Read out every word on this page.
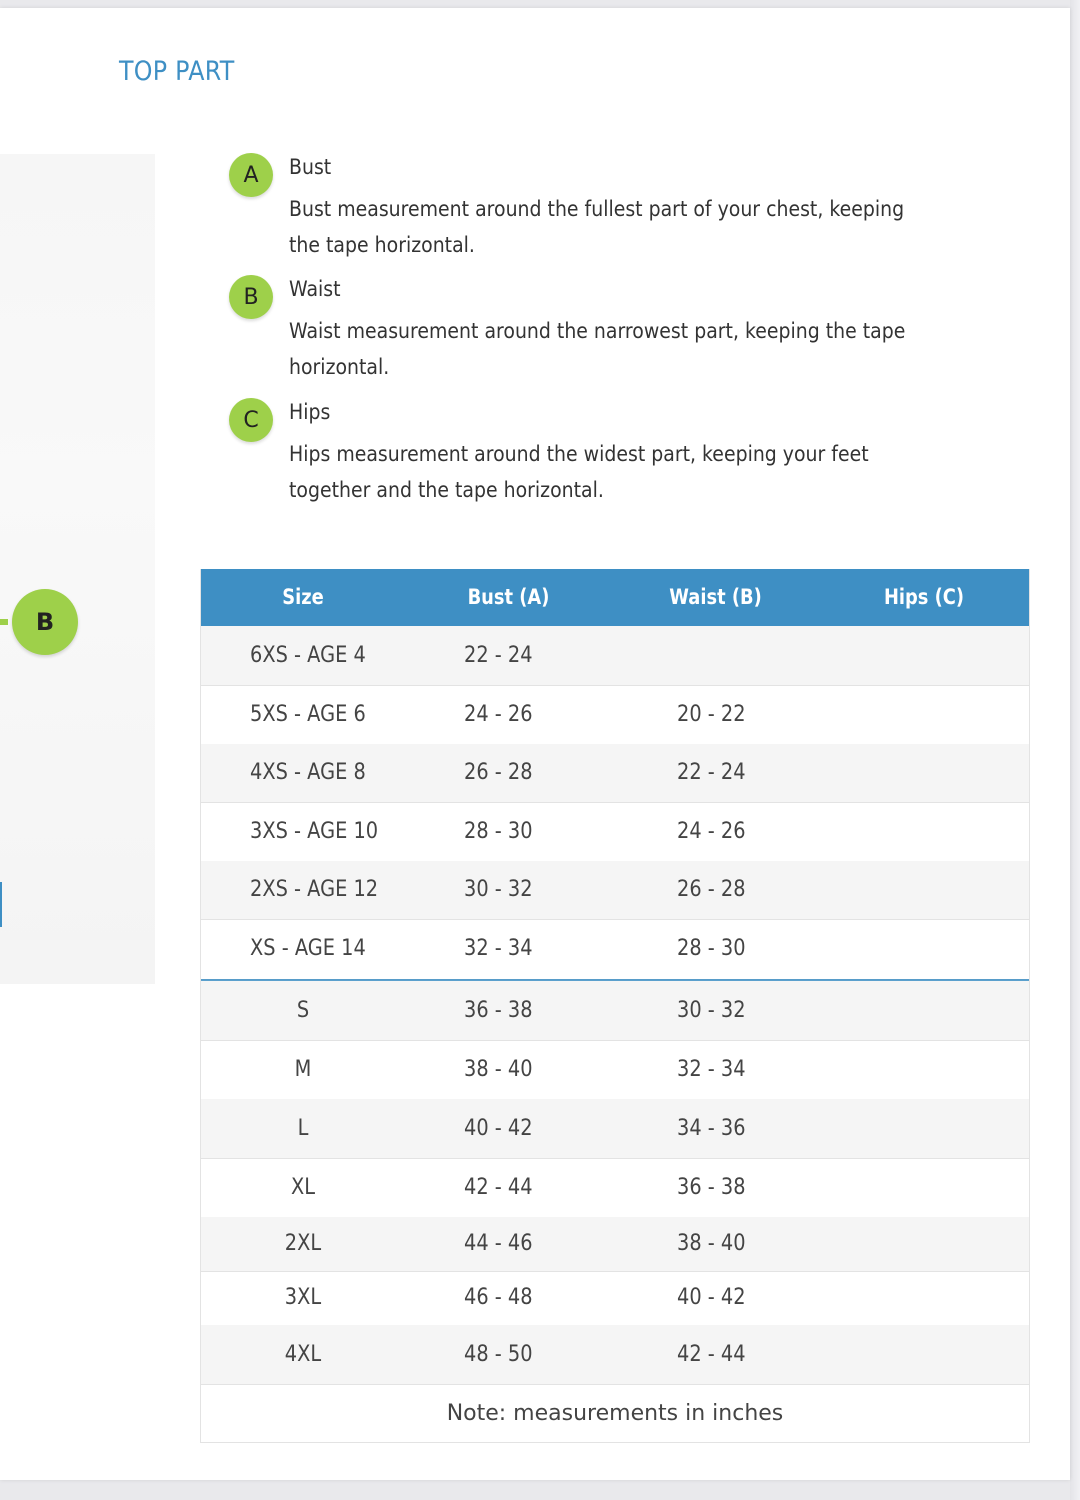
TOP PART
B
A	Bust
Bust measurement around the fullest part of your chest, keeping the tape horizontal.
B	Waist
Waist measurement around the narrowest part, keeping the tape horizontal.
C	Hips
Hips measurement around the widest part, keeping your feet together and the tape horizontal.
Size	Bust (A)	Waist (B)	Hips (C)
6XS - AGE 4	22 - 24
5XS - AGE 6	24 - 26	20 - 22
4XS - AGE 8	26 - 28	22 - 24
3XS - AGE 10	28 - 30	24 - 26
2XS - AGE 12	30 - 32	26 - 28
XS - AGE 14	32 - 34	28 - 30
S	36 - 38	30 - 32
M	38 - 40	32 - 34
L	40 - 42	34 - 36
XL	42 - 44	36 - 38
2XL	44 - 46	38 - 40
3XL	46 - 48	40 - 42
4XL	48 - 50	42 - 44
Note: measurements in inches
